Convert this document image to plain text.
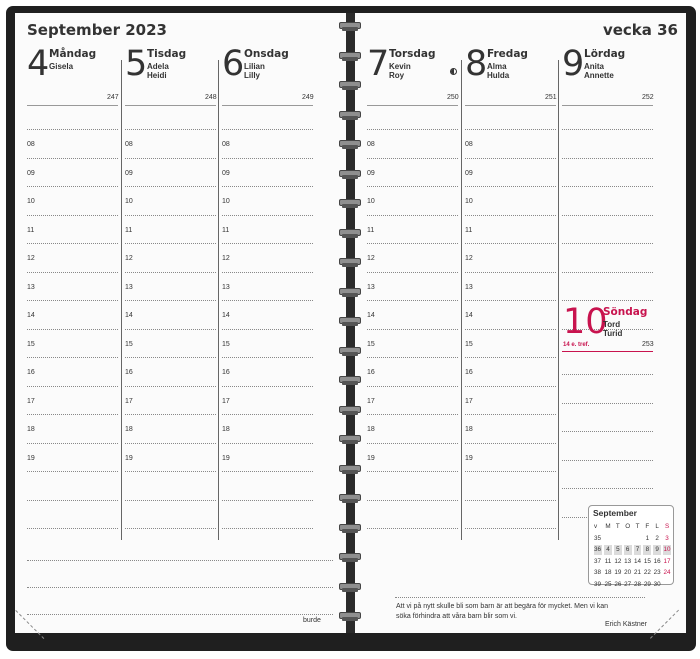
September 2023
4 Måndag
Gisela
247
08
09
10
11
12
13
14
15
16
17
18
19
5 Tisdag
Adela
Heidi
248
08
09
10
11
12
13
14
15
16
17
18
19
6 Onsdag
Lilian
Lilly
249
08
09
10
11
12
13
14
15
16
17
18
19
burde
vecka 36
Att vi på nytt skulle bli som barn är att begära för mycket. Men vi kan
söka förhindra att våra barn blir som vi.
Erich Kästner
7 Torsdag
Kevin
Roy
250
08
09
10
11
12
13
14
15
16
17
18
19
8 Fredag
Alma
Hulda
251
08
09
10
11
12
13
14
15
16
17
18
19
9 Lördag
Anita
Annette
252
10
Söndag
Tord
Turid
14 e. tref.	253
September
v	M	T	O	T	F	L	S
35					1	2	3
36	4	5	6	7	8	9	10
37	11	12	13	14	15	16	17
38	18	19	20	21	22	23	24
39	25	26	27	28	29	30	
